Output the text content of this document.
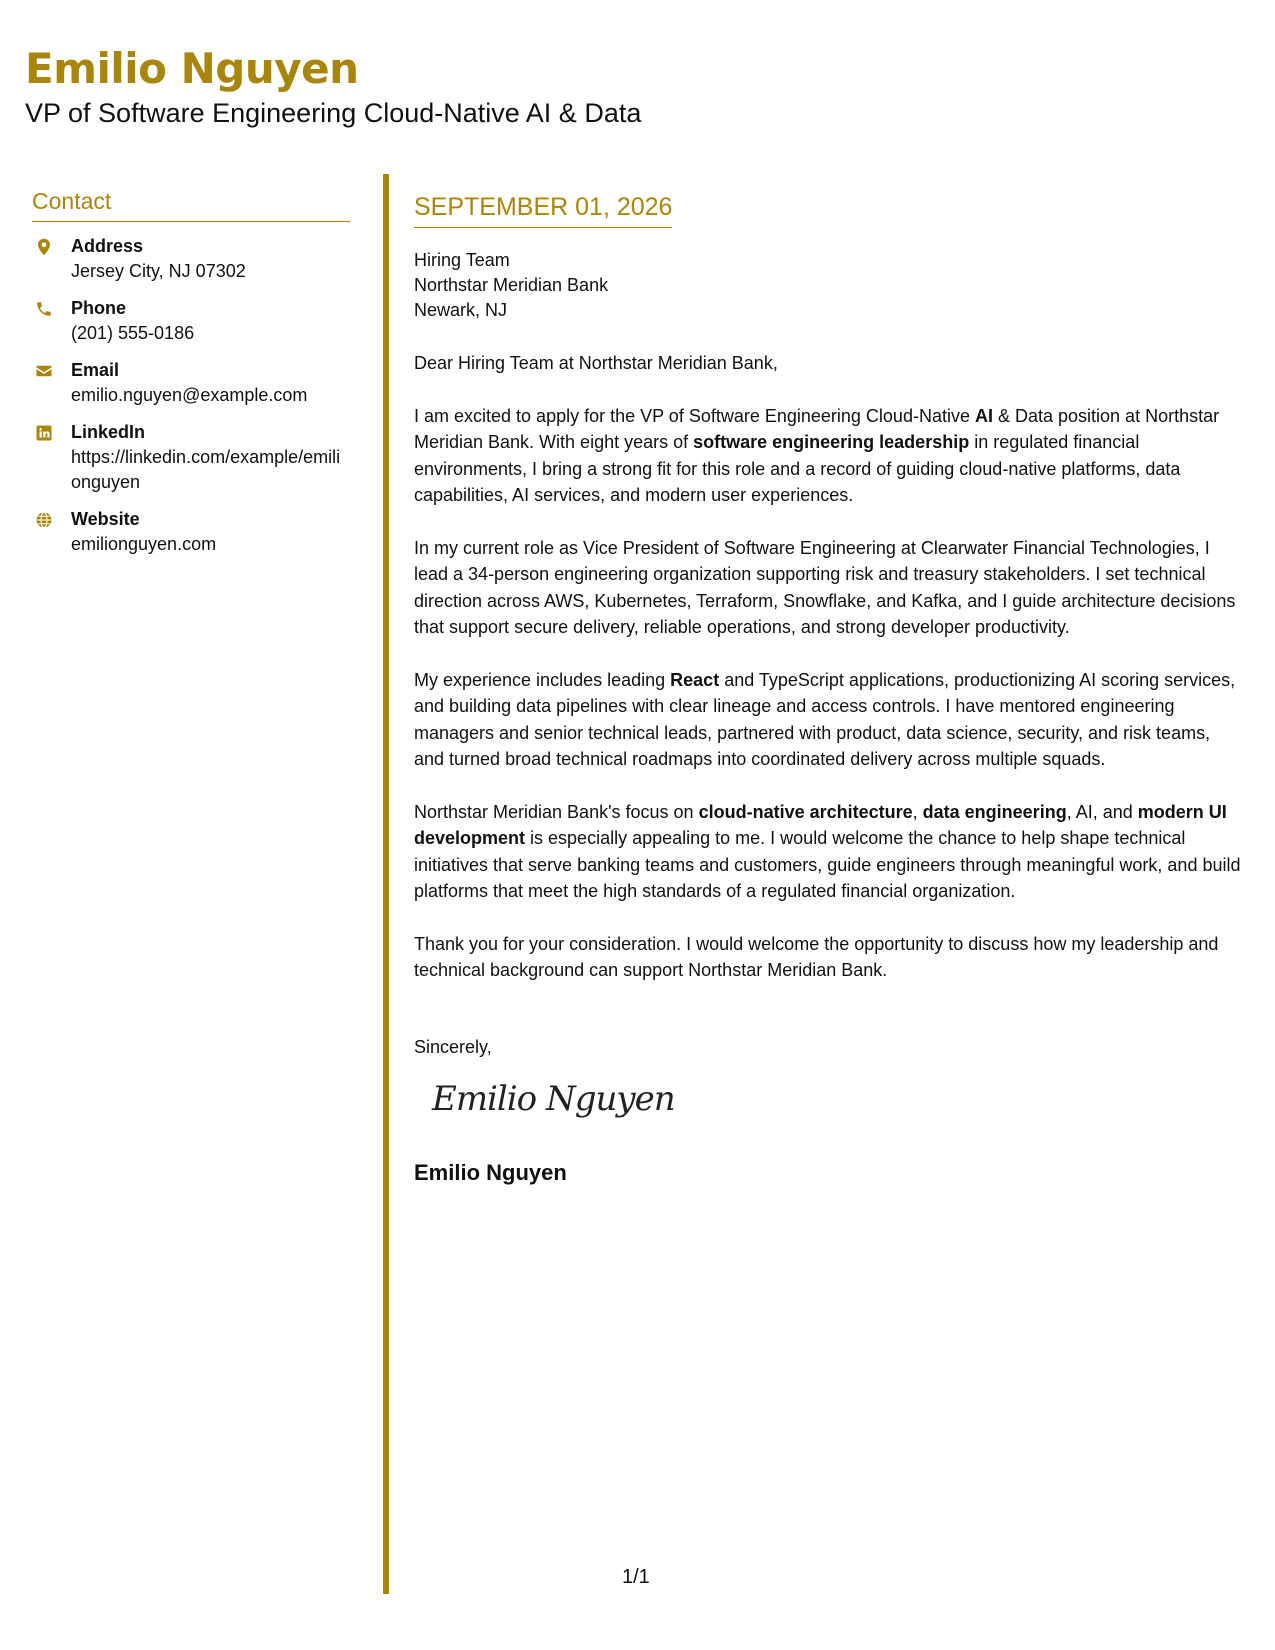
Emilio Nguyen
VP of Software Engineering Cloud-Native AI & Data
Contact
Address
Jersey City, NJ 07302
Phone
(201) 555-0186
Email
emilio.nguyen@example.com
LinkedIn
https://linkedin.com/example/emilionguyen
Website
emilionguyen.com
SEPTEMBER 01, 2026
Hiring Team
Northstar Meridian Bank
Newark, NJ
Dear Hiring Team at Northstar Meridian Bank,
I am excited to apply for the VP of Software Engineering Cloud-Native AI & Data position at Northstar Meridian Bank. With eight years of software engineering leadership in regulated financial environments, I bring a strong fit for this role and a record of guiding cloud-native platforms, data capabilities, AI services, and modern user experiences.
In my current role as Vice President of Software Engineering at Clearwater Financial Technologies, I lead a 34-person engineering organization supporting risk and treasury stakeholders. I set technical direction across AWS, Kubernetes, Terraform, Snowflake, and Kafka, and I guide architecture decisions that support secure delivery, reliable operations, and strong developer productivity.
My experience includes leading React and TypeScript applications, productionizing AI scoring services, and building data pipelines with clear lineage and access controls. I have mentored engineering managers and senior technical leads, partnered with product, data science, security, and risk teams, and turned broad technical roadmaps into coordinated delivery across multiple squads.
Northstar Meridian Bank's focus on cloud-native architecture, data engineering, AI, and modern UI development is especially appealing to me. I would welcome the chance to help shape technical initiatives that serve banking teams and customers, guide engineers through meaningful work, and build platforms that meet the high standards of a regulated financial organization.
Thank you for your consideration. I would welcome the opportunity to discuss how my leadership and technical background can support Northstar Meridian Bank.
Sincerely,
Emilio Nguyen
Emilio Nguyen
1/1
